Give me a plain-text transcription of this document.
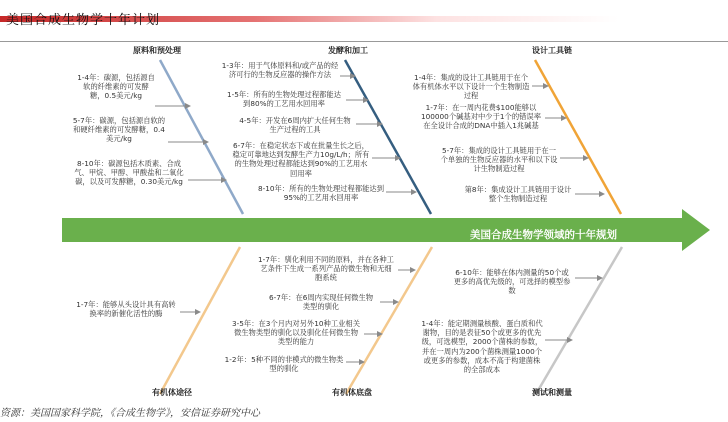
美国合成生物学十年计划
美国合成生物学领域的十年规划
原料和预处理	发酵和加工	设计工具链
有机体途径	有机体底盘	测试和测量
1-4年：碳源，包括源自软的纤维素的可发酵糖，0.5美元/kg
5-7年：碳源，包括源自软的和硬纤维素的可发酵糖，0.4美元/kg
8-10年：碳源包括木质素、合成气、甲烷、甲醇、甲酸盐和二氧化碳，以及可发酵糖，0.30美元/kg
1-3年：用于气体原料和/或产品的经济可行的生物反应器的操作方法
1-5年：所有的生物处理过程都能达到80%的工艺用水回用率
4-5年：开发在6周内扩大任何生物生产过程的工具
6-7年：在稳定状态下或在批量生长之后，稳定可靠地达到发酵生产力10g/L/h；所有的生物处理过程都能达到90%的工艺用水回用率
8-10年：所有的生物处理过程都能达到95%的工艺用水回用率
1-4年：集成的设计工具链用于在个体有机体水平以下设计一个生物制造过程
1-7年：在一周内花费$100能够以100000个碱基对中少于1个的错误率在全设计合成的DNA中插入1兆碱基
5-7年：集成的设计工具链用于在一个单独的生物反应器的水平和以下设计生物制造过程
第8年：集成设计工具链用于设计整个生物制造过程
1-7年：能够从头设计具有高转换率的新催化活性的酶
1-7年：驯化利用不同的原料，并在各种工艺条件下生成一系列产品的微生物和无细胞系统
6-7年：在6周内实现任何微生物类型的驯化
3-5年：在3个月内对另外10种工业相关微生物类型的驯化以及驯化任何微生物类型的能力
1-2年：5种不同的非模式的微生物类型的驯化
6-10年：能够在体内测量的50个或更多的高优先级的，可选择的模型参数
1-4年：能定期测量核酸、蛋白质和代谢物，目的是表征50个或更多的优先级，可选模型，2000个菌株的参数，并在一周内为200个菌株测量1000个或更多的参数，成本不高于构建菌株的全部成本
资源：美国国家科学院，《合成生物学》，安信证券研究中心
